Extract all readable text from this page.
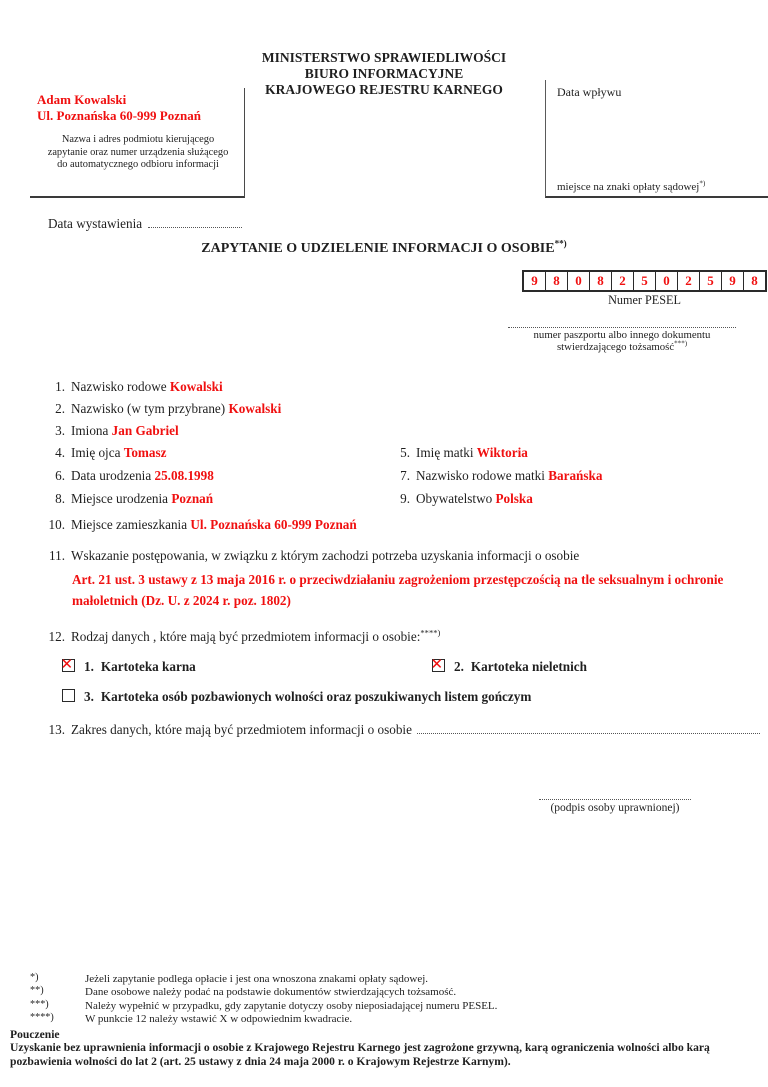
MINISTERSTWO SPRAWIEDLIWOŚCI
BIURO INFORMACYJNE
KRAJOWEGO REJESTRU KARNEGO
Adam Kowalski
Ul. Poznańska 60-999 Poznań
Nazwa i adres podmiotu kierującego zapytanie oraz numer urządzenia służącego do automatycznego odbioru informacji
Data wpływu
miejsce na znaki opłaty sądowej*)
Data wystawienia
ZAPYTANIE O UDZIELENIE INFORMACJI O OSOBIE**)
9	8	0	8	2	5	0	2	5	9	8
Numer PESEL
numer paszportu albo innego dokumentu
stwierdzającego tożsamość***)
1. Nazwisko rodowe Kowalski
2. Nazwisko (w tym przybrane) Kowalski
3. Imiona Jan Gabriel
4. Imię ojca Tomasz	5. Imię matki Wiktoria
6. Data urodzenia 25.08.1998	7. Nazwisko rodowe matki Barańska
8. Miejsce urodzenia Poznań	9. Obywatelstwo Polska
10. Miejsce zamieszkania Ul. Poznańska 60-999 Poznań
11. Wskazanie postępowania, w związku z którym zachodzi potrzeba uzyskania informacji o osobie
Art. 21 ust. 3 ustawy z 13 maja 2016 r. o przeciwdziałaniu zagrożeniom przestępczością na tle seksualnym i ochronie małoletnich (Dz. U. z 2024 r. poz. 1802)
12. Rodzaj danych , które mają być przedmiotem informacji o osobie:****)
✕ 1. Kartoteka karna	✕ 2. Kartoteka nieletnich
3. Kartoteka osób pozbawionych wolności oraz poszukiwanych listem gończym
13. Zakres danych, które mają być przedmiotem informacji o osobie
(podpis osoby uprawnionej)
*)	Jeżeli zapytanie podlega opłacie i jest ona wnoszona znakami opłaty sądowej.
**)	Dane osobowe należy podać na podstawie dokumentów stwierdzających tożsamość.
***)	Należy wypełnić w przypadku, gdy zapytanie dotyczy osoby nieposiadającej numeru PESEL.
****)	W punkcie 12 należy wstawić X w odpowiednim kwadracie.
Pouczenie
Uzyskanie bez uprawnienia informacji o osobie z Krajowego Rejestru Karnego jest zagrożone grzywną, karą ograniczenia wolności albo karą pozbawienia wolności do lat 2 (art. 25 ustawy z dnia 24 maja 2000 r. o Krajowym Rejestrze Karnym).
